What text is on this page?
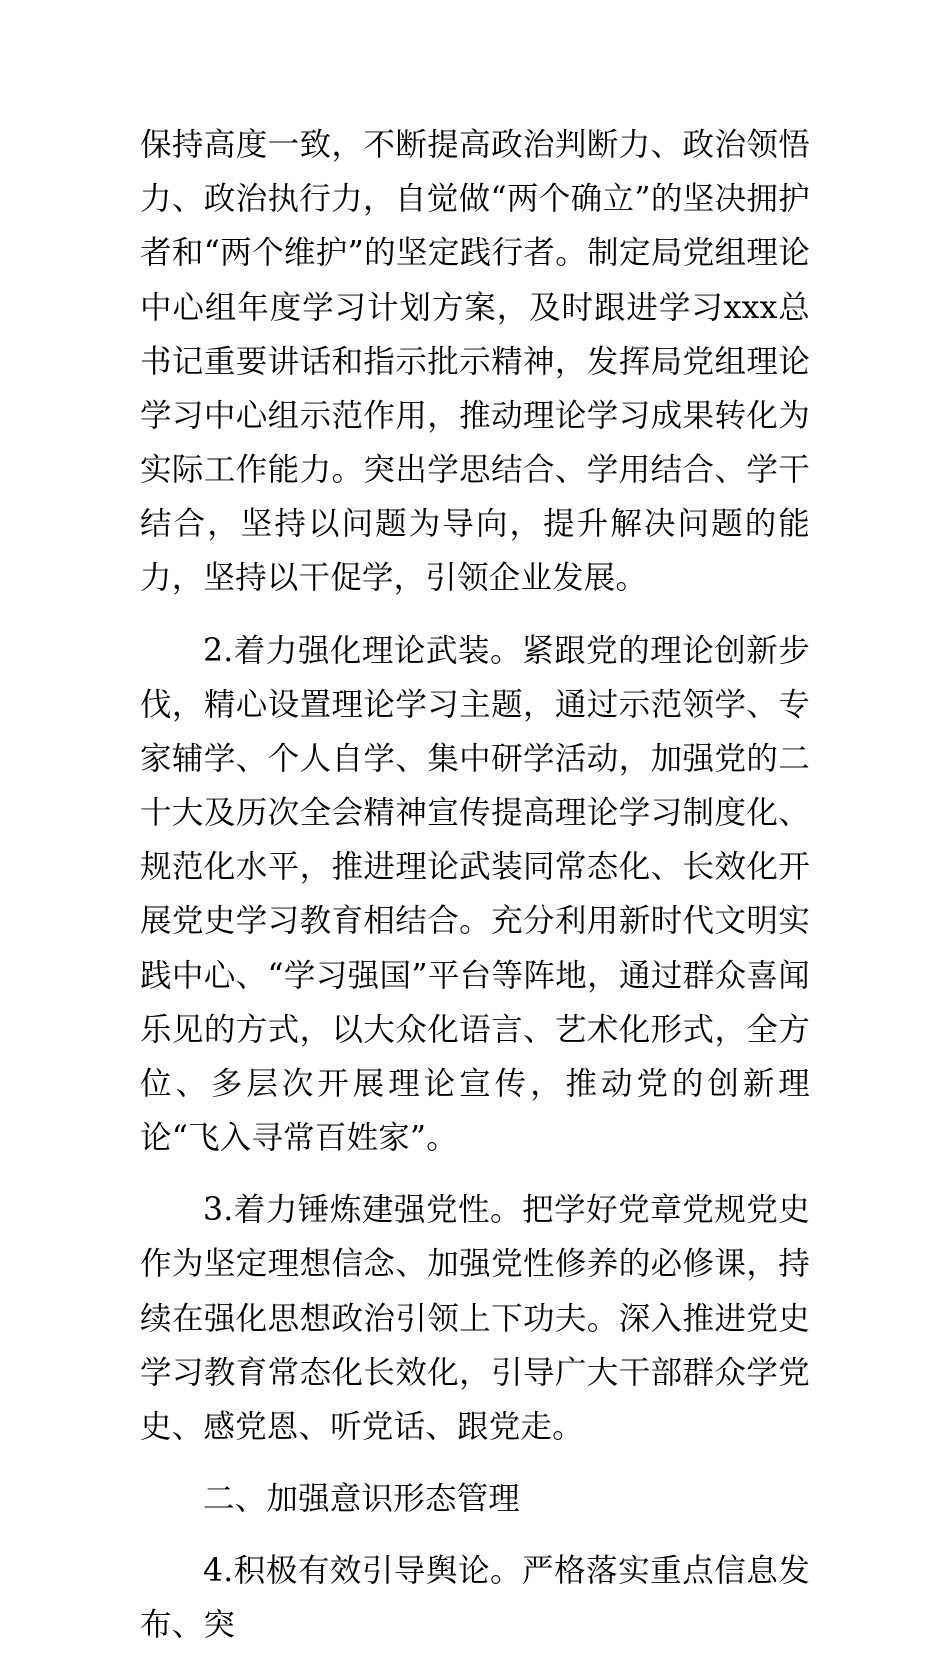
保持高度一致，不断提高政治判断力、政治领悟力、政治执行力，自觉做“两个确立”的坚决拥护者和“两个维护”的坚定践行者。制定局党组理论中心组年度学习计划方案，及时跟进学习xxx总书记重要讲话和指示批示精神，发挥局党组理论学习中心组示范作用，推动理论学习成果转化为实际工作能力。突出学思结合、学用结合、学干结合，坚持以问题为导向，提升解决问题的能力，坚持以干促学，引领企业发展。

2.着力强化理论武装。紧跟党的理论创新步伐，精心设置理论学习主题，通过示范领学、专家辅学、个人自学、集中研学活动，加强党的二十大及历次全会精神宣传提高理论学习制度化、规范化水平，推进理论武装同常态化、长效化开展党史学习教育相结合。充分利用新时代文明实践中心、“学习强国”平台等阵地，通过群众喜闻乐见的方式，以大众化语言、艺术化形式，全方位、多层次开展理论宣传，推动党的创新理论“飞入寻常百姓家”。

3.着力锤炼建强党性。把学好党章党规党史作为坚定理想信念、加强党性修养的必修课，持续在强化思想政治引领上下功夫。深入推进党史学习教育常态化长效化，引导广大干部群众学党史、感党恩、听党话、跟党走。

二、加强意识形态管理

4.积极有效引导舆论。严格落实重点信息发布、突
